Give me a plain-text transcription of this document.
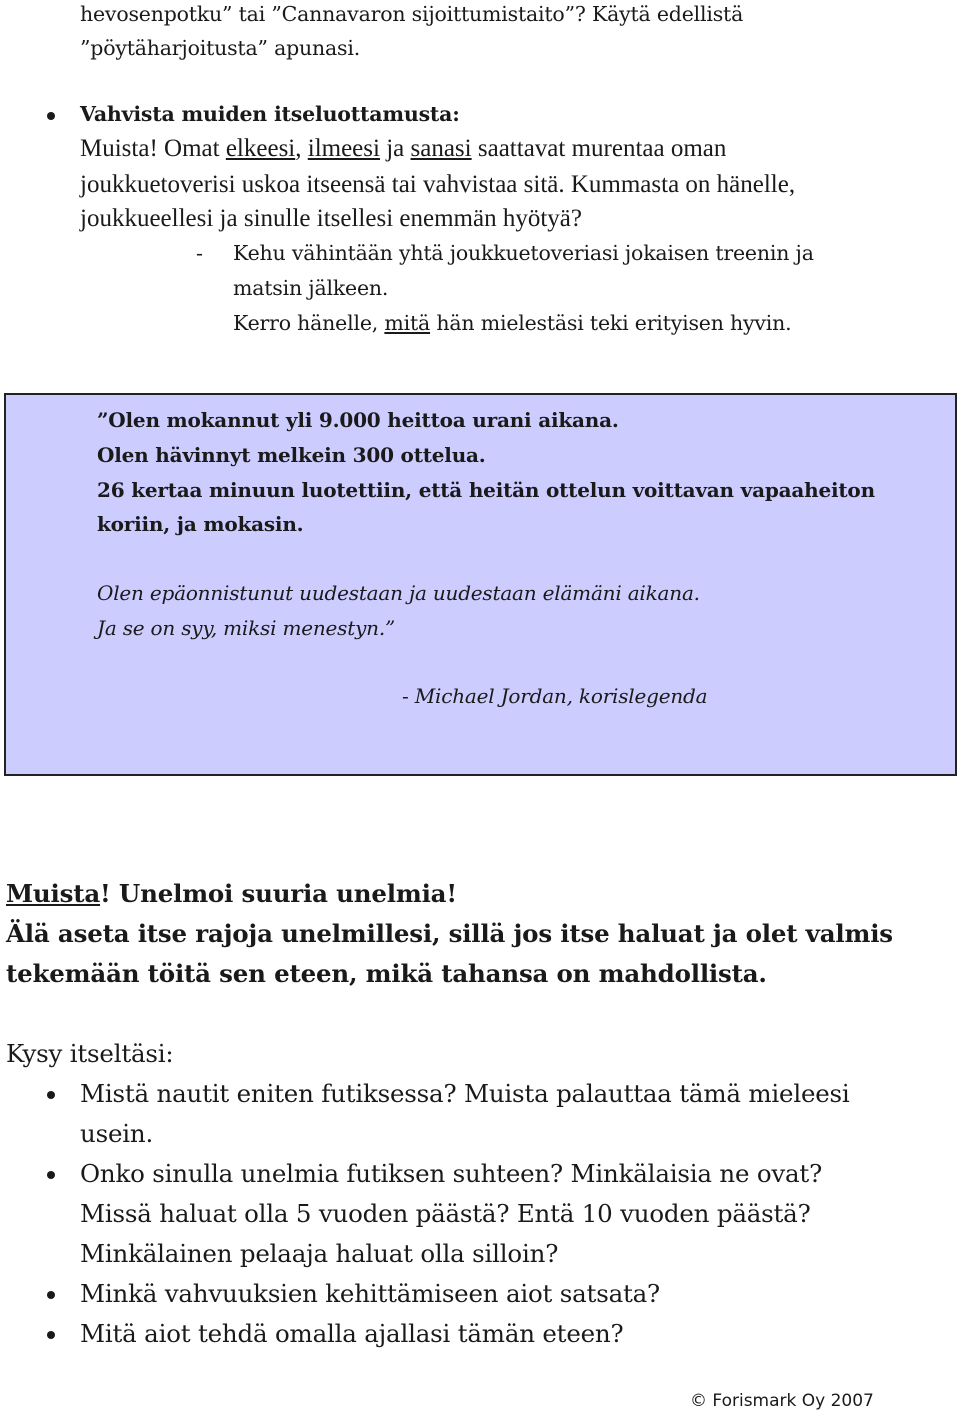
hevosenpotku” tai ”Cannavaron sijoittumistaito”? Käytä edellistä
”pöytäharjoitusta” apunasi.
Vahvista muiden itseluottamusta:
Muista! Omat elkeesi, ilmeesi ja sanasi saattavat murentaa oman
joukkuetoverisi uskoa itseensä tai vahvistaa sitä. Kummasta on hänelle,
joukkueellesi ja sinulle itsellesi enemmän hyötyä?
- Kehu vähintään yhtä joukkuetoveriasi jokaisen treenin ja
matsin jälkeen.
Kerro hänelle, mitä hän mielestäsi teki erityisen hyvin.
”Olen mokannut yli 9.000 heittoa urani aikana.
Olen hävinnyt melkein 300 ottelua.
26 kertaa minuun luotettiin, että heitän ottelun voittavan vapaaheiton
koriin, ja mokasin.
Olen epäonnistunut uudestaan ja uudestaan elämäni aikana.
Ja se on syy, miksi menestyn.”
- Michael Jordan, korislegenda
Muista! Unelmoi suuria unelmia!
Älä aseta itse rajoja unelmillesi, sillä jos itse haluat ja olet valmis
tekemään töitä sen eteen, mikä tahansa on mahdollista.
Kysy itseltäsi:
Mistä nautit eniten futiksessa? Muista palauttaa tämä mieleesi
usein.
Onko sinulla unelmia futiksen suhteen? Minkälaisia ne ovat?
Missä haluat olla 5 vuoden päästä? Entä 10 vuoden päästä?
Minkälainen pelaaja haluat olla silloin?
Minkä vahvuuksien kehittämiseen aiot satsata?
Mitä aiot tehdä omalla ajallasi tämän eteen?
© Forismark Oy 2007
